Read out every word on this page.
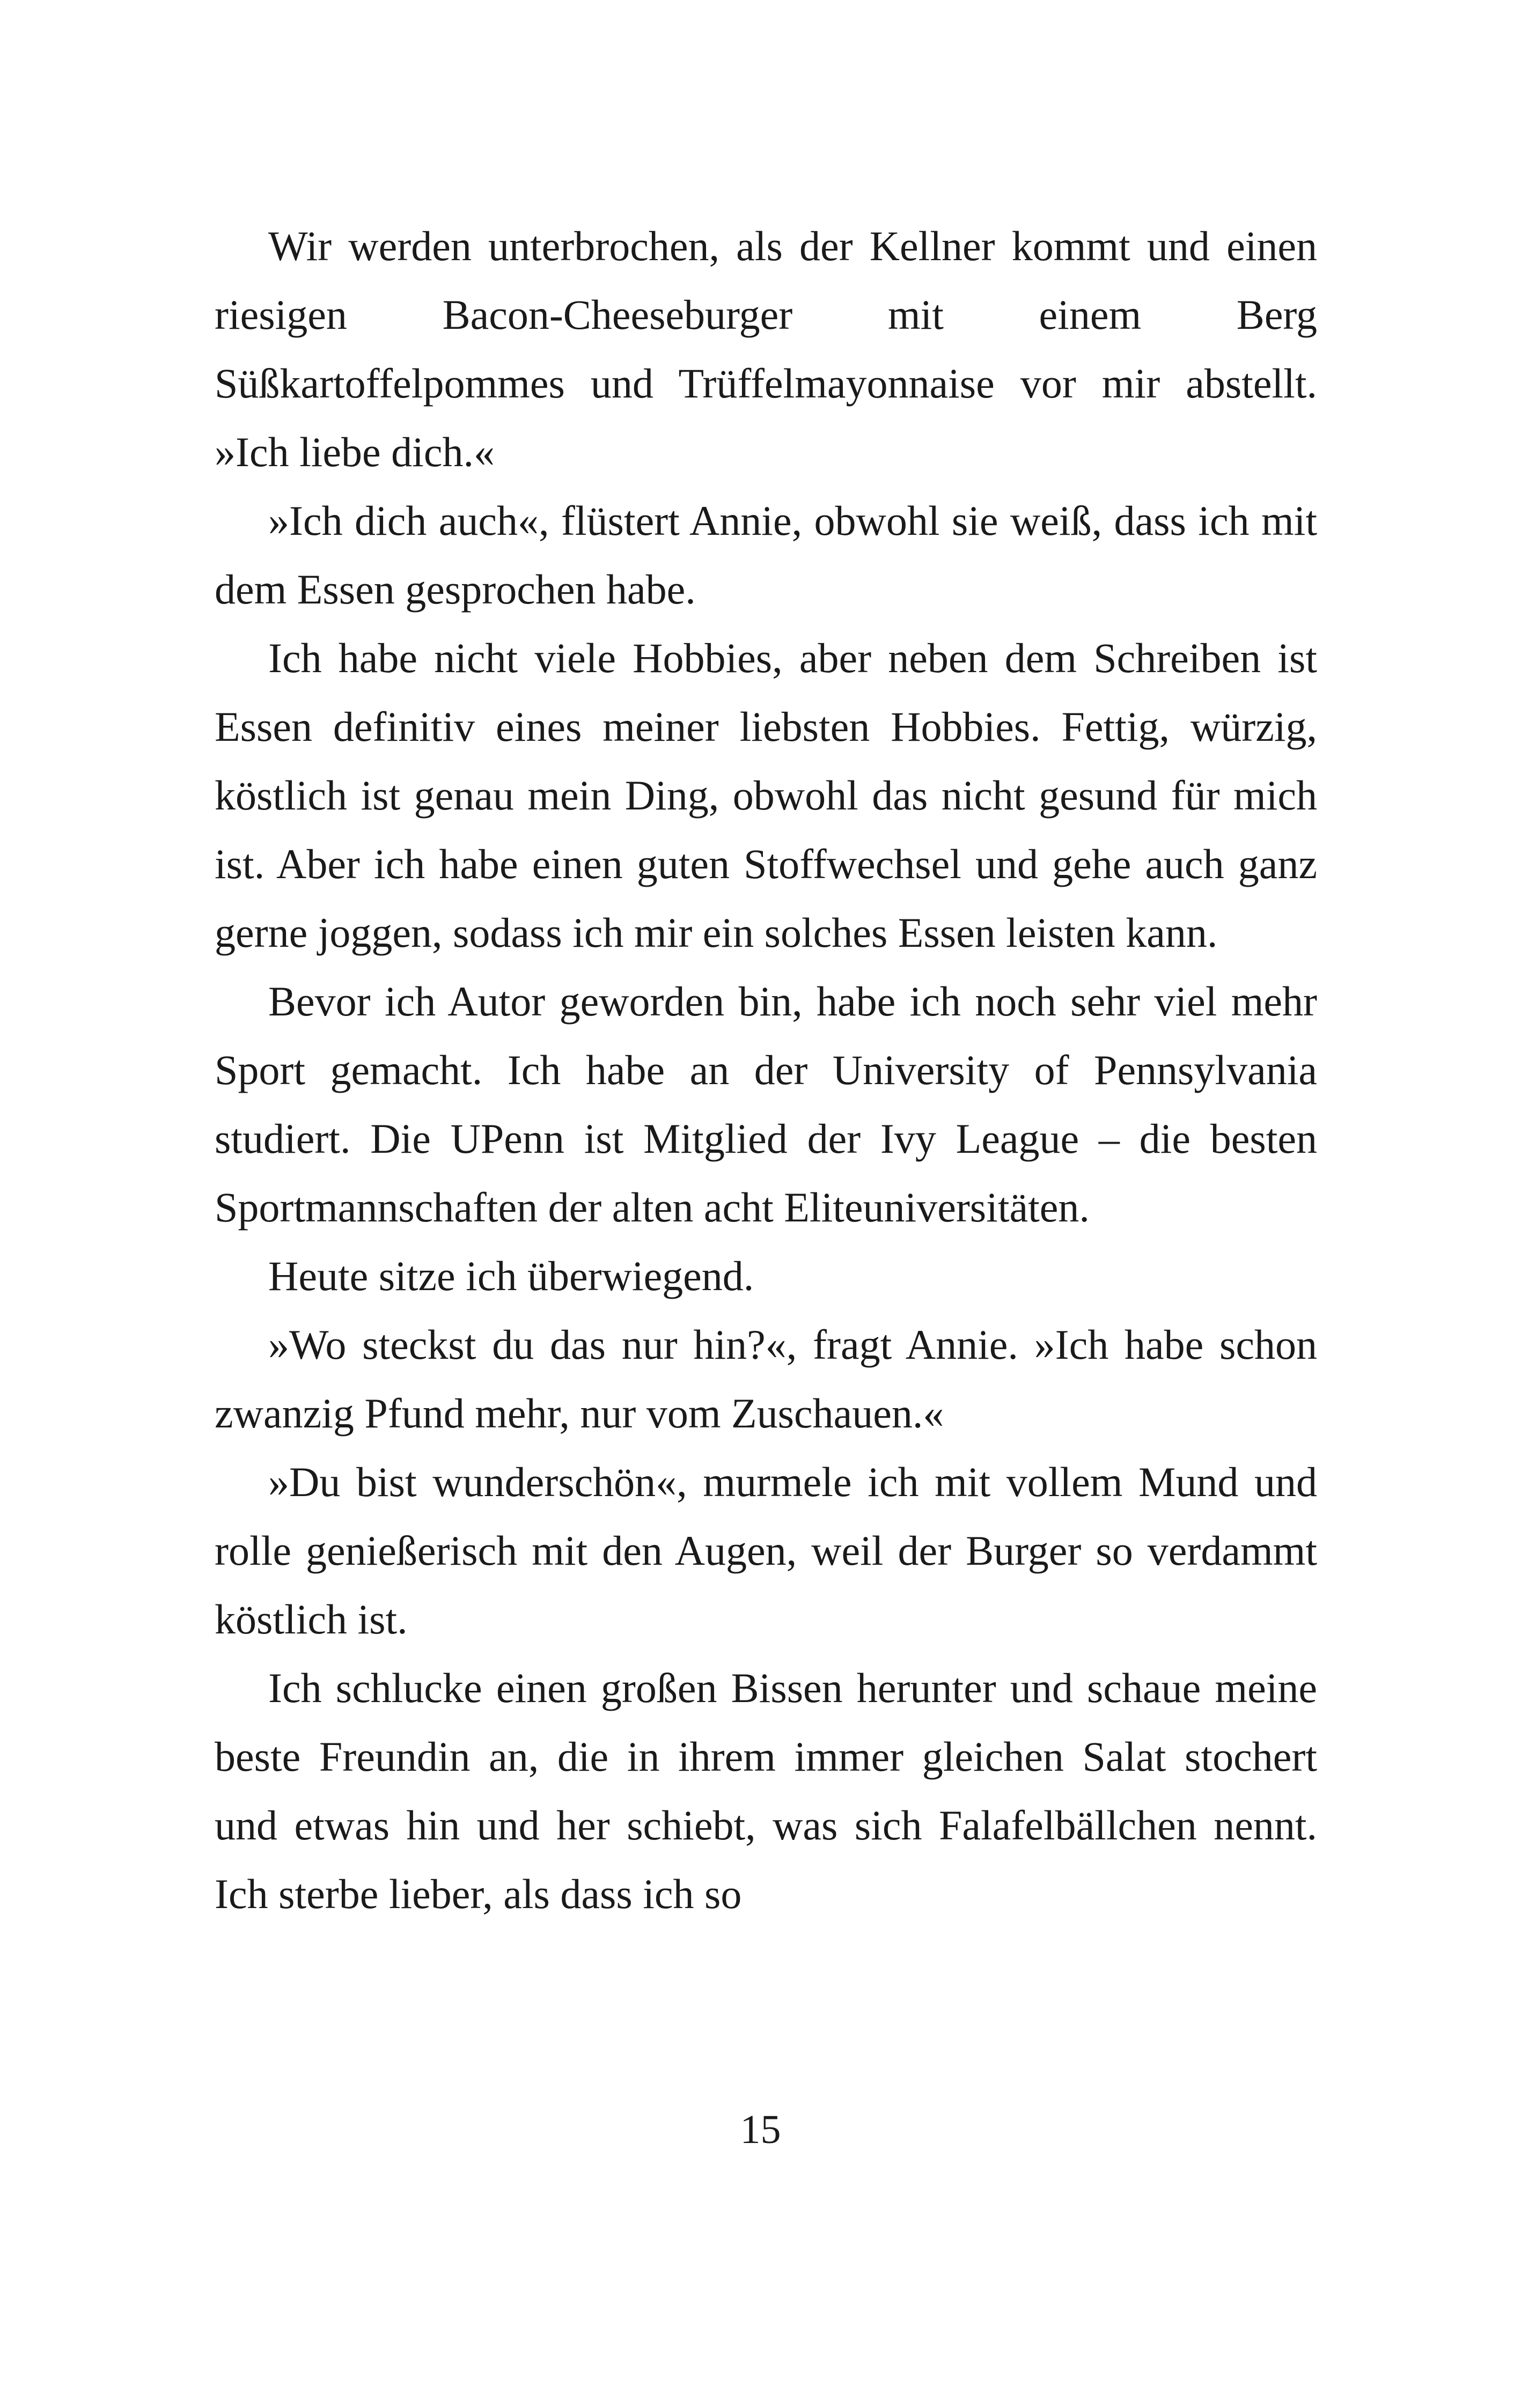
Wir werden unterbrochen, als der Kellner kommt und einen riesigen Bacon-Cheeseburger mit einem Berg Süßkartoffelpommes und Trüffelmayonnaise vor mir abstellt. »Ich liebe dich.«

»Ich dich auch«, flüstert Annie, obwohl sie weiß, dass ich mit dem Essen gesprochen habe.

Ich habe nicht viele Hobbies, aber neben dem Schreiben ist Essen definitiv eines meiner liebsten Hobbies. Fettig, würzig, köstlich ist genau mein Ding, obwohl das nicht gesund für mich ist. Aber ich habe einen guten Stoffwechsel und gehe auch ganz gerne joggen, sodass ich mir ein solches Essen leisten kann.

Bevor ich Autor geworden bin, habe ich noch sehr viel mehr Sport gemacht. Ich habe an der University of Pennsylvania studiert. Die UPenn ist Mitglied der Ivy League – die besten Sportmannschaften der alten acht Eliteuniversitäten.

Heute sitze ich überwiegend.

»Wo steckst du das nur hin?«, fragt Annie. »Ich habe schon zwanzig Pfund mehr, nur vom Zuschauen.«

»Du bist wunderschön«, murmele ich mit vollem Mund und rolle genießerisch mit den Augen, weil der Burger so verdammt köstlich ist.

Ich schlucke einen großen Bissen herunter und schaue meine beste Freundin an, die in ihrem immer gleichen Salat stochert und etwas hin und her schiebt, was sich Falafelbällchen nennt. Ich sterbe lieber, als dass ich so

15
